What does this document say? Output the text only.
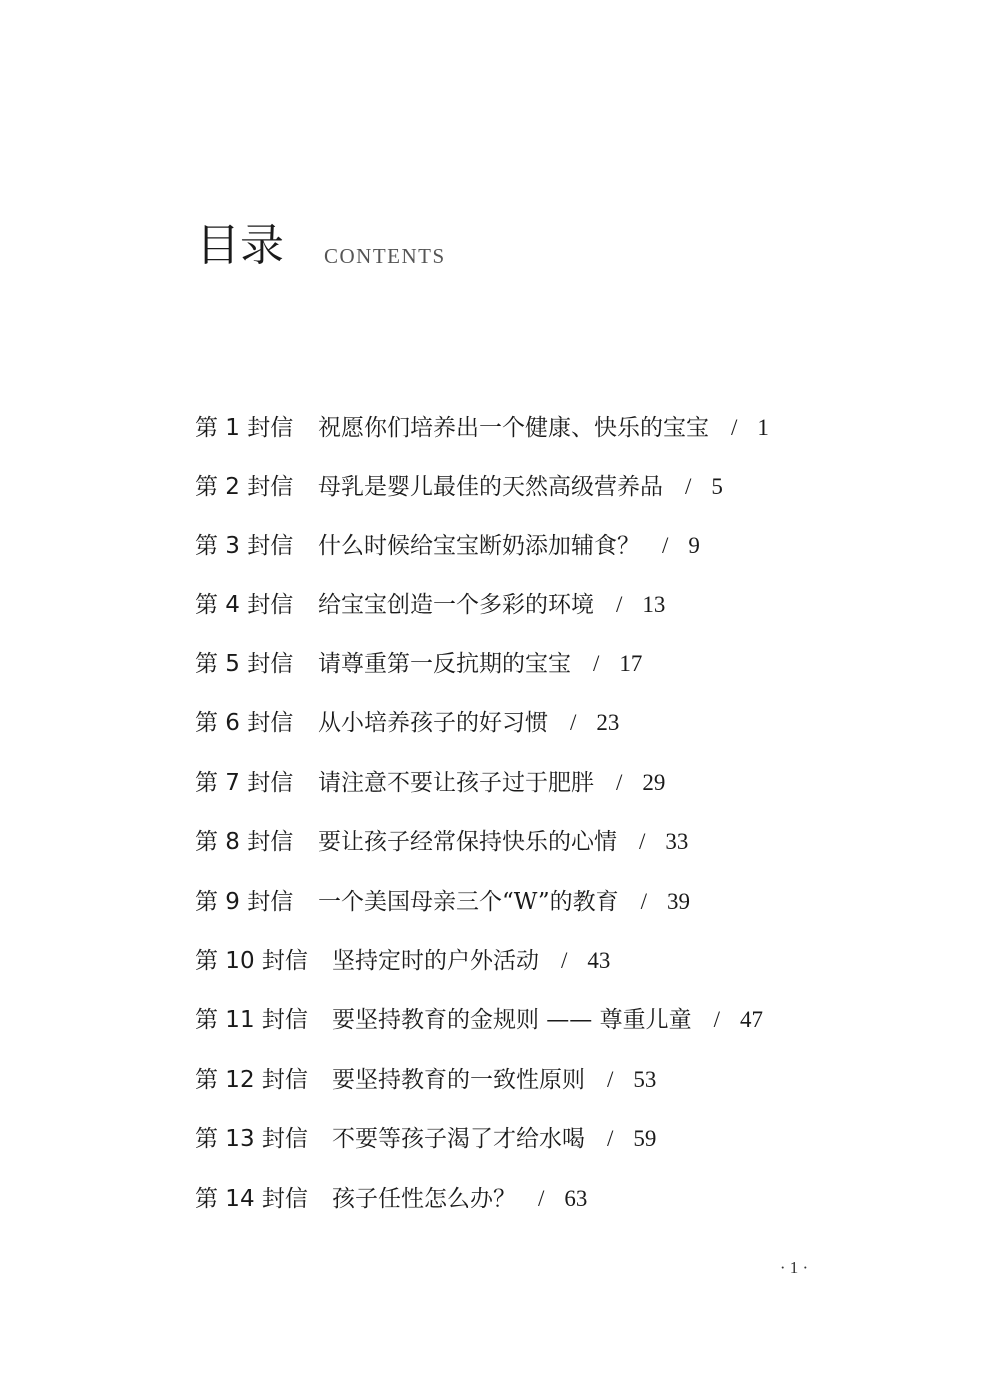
目录 CONTENTS
第 1 封信	祝愿你们培养出一个健康、快乐的宝宝 / 1
第 2 封信	母乳是婴儿最佳的天然高级营养品 / 5
第 3 封信	什么时候给宝宝断奶添加辅食？ / 9
第 4 封信	给宝宝创造一个多彩的环境 / 13
第 5 封信	请尊重第一反抗期的宝宝 / 17
第 6 封信	从小培养孩子的好习惯 / 23
第 7 封信	请注意不要让孩子过于肥胖 / 29
第 8 封信	要让孩子经常保持快乐的心情 / 33
第 9 封信	一个美国母亲三个“W”的教育 / 39
第 10 封信	坚持定时的户外活动 / 43
第 11 封信	要坚持教育的金规则 —— 尊重儿童 / 47
第 12 封信	要坚持教育的一致性原则 / 53
第 13 封信	不要等孩子渴了才给水喝 / 59
第 14 封信	孩子任性怎么办？ / 63
· 1 ·
